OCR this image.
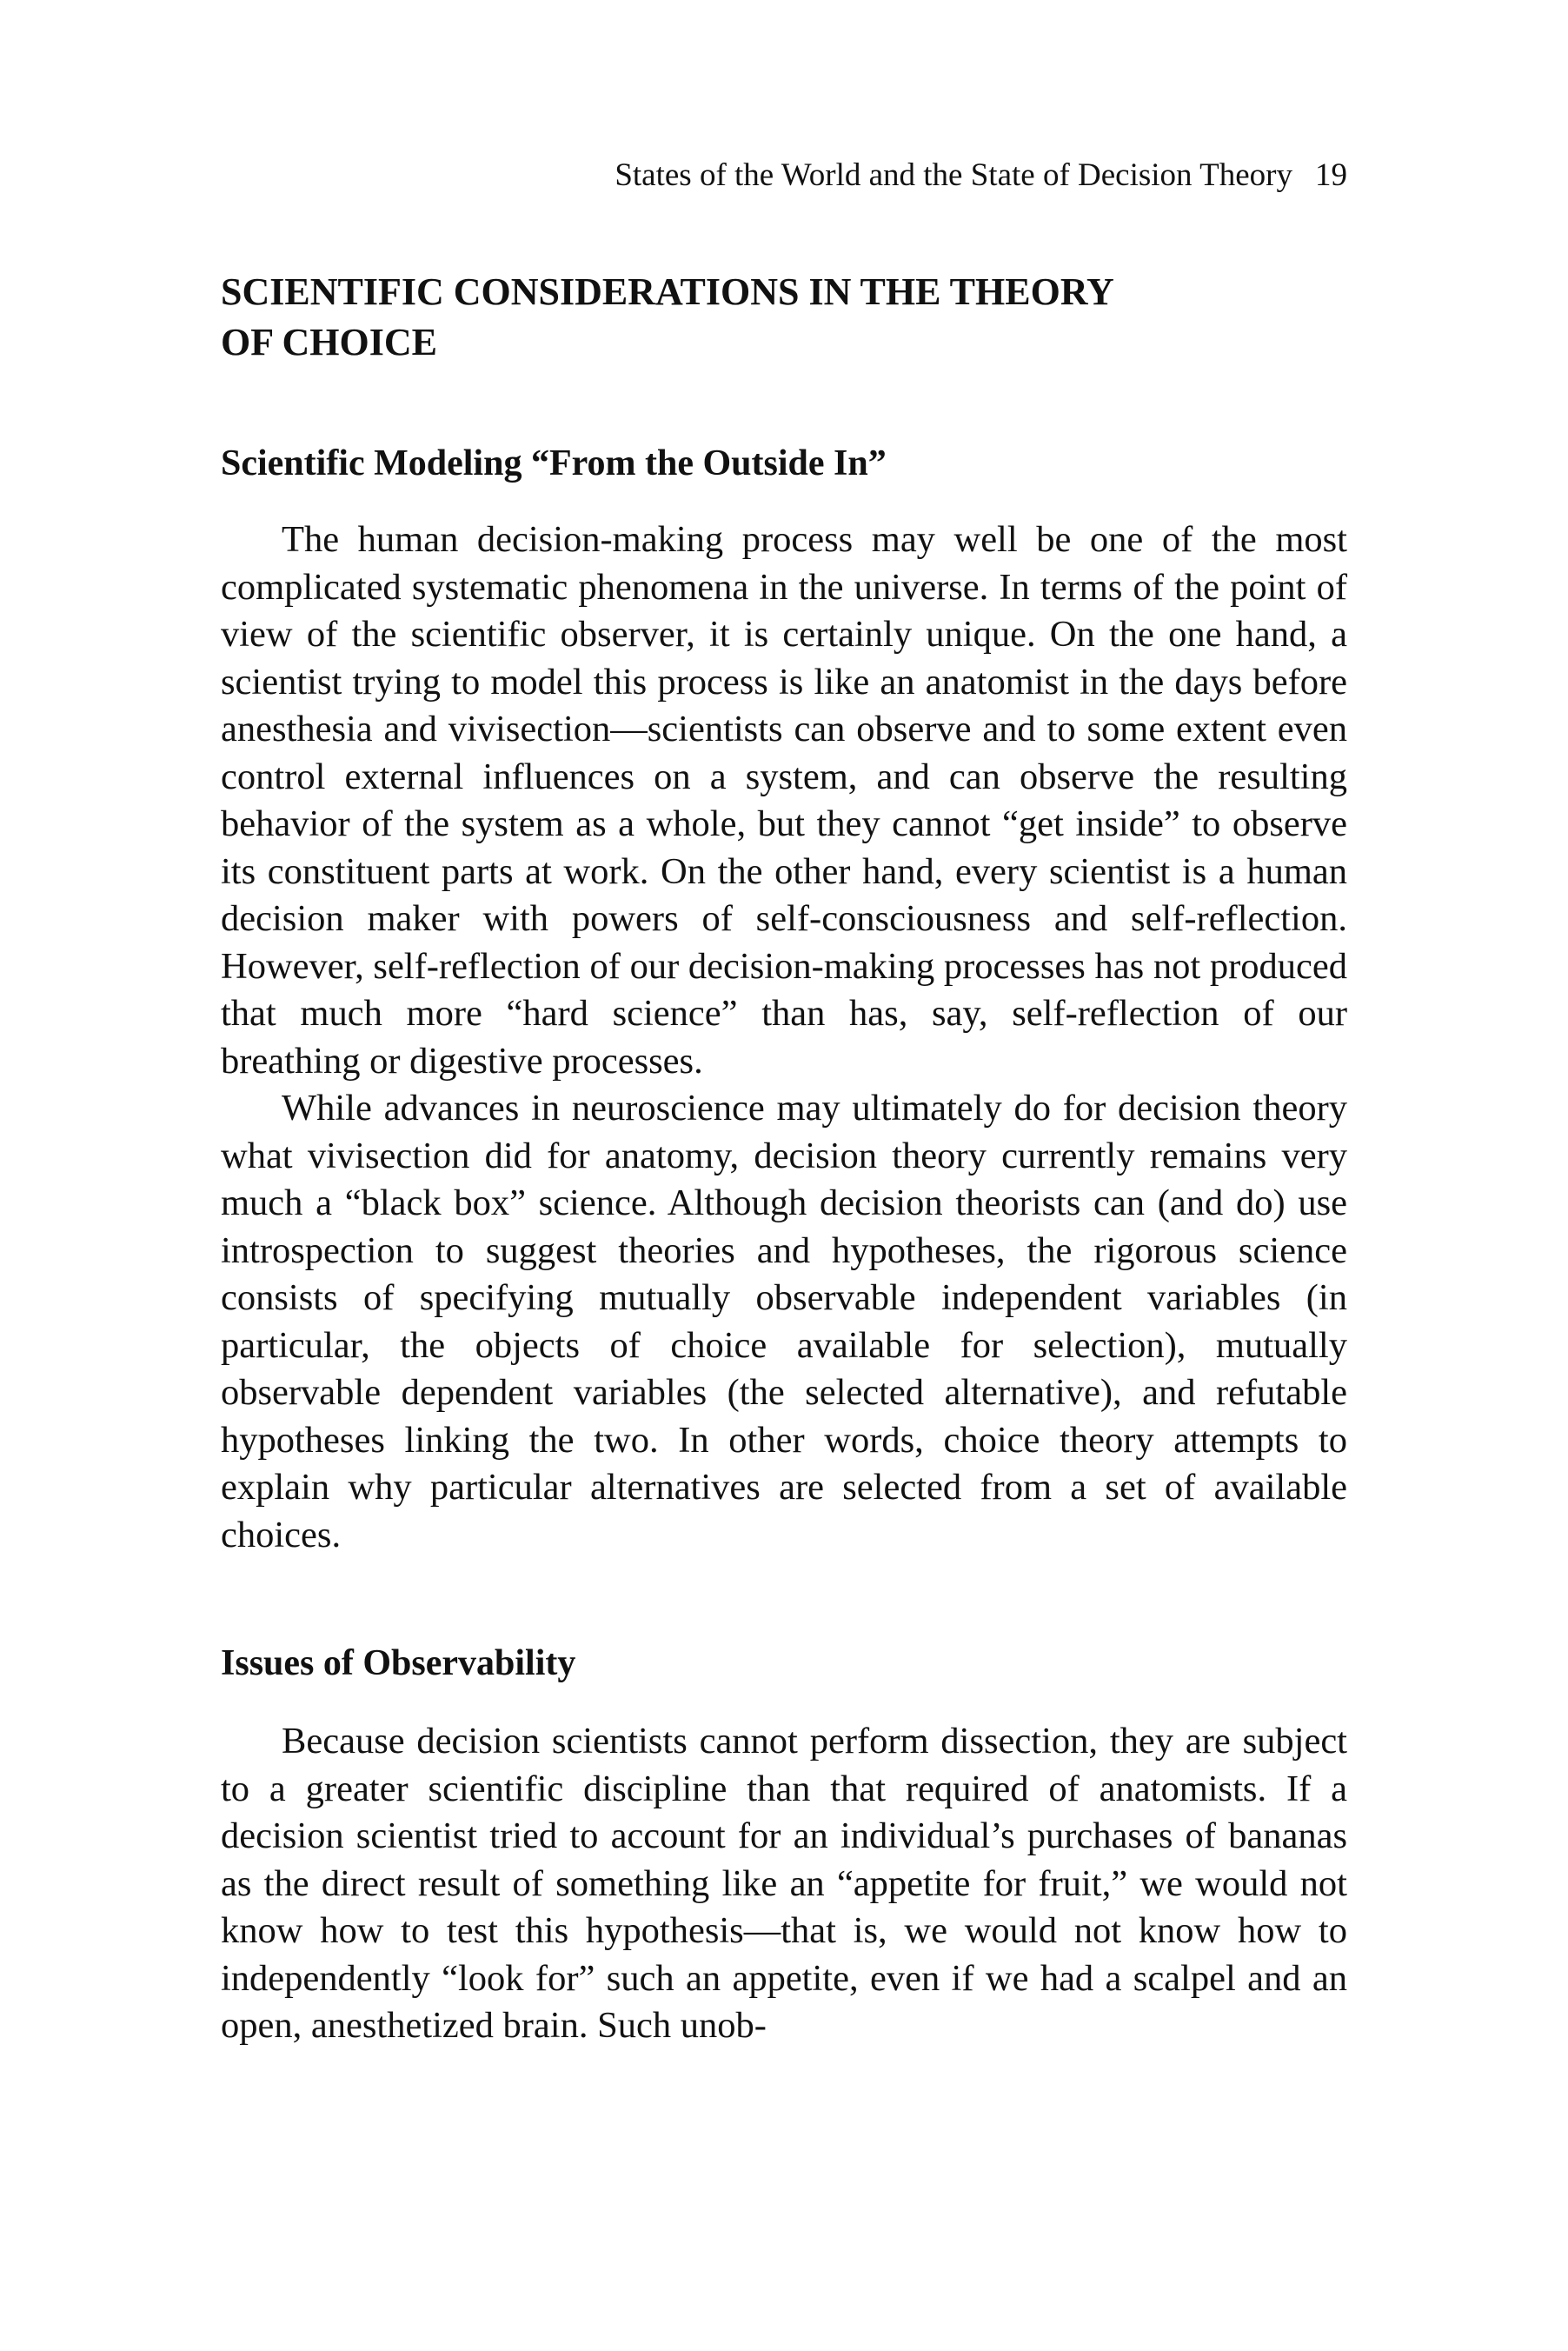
States of the World and the State of Decision Theory 19
SCIENTIFIC CONSIDERATIONS IN THE THEORY
OF CHOICE
Scientific Modeling “From the Outside In”

The human decision-making process may well be one of the most complicated systematic phenomena in the universe. In terms of the point of view of the scientific observer, it is certainly unique. On the one hand, a scientist trying to model this process is like an anatomist in the days before anesthesia and vivisection—scientists can observe and to some extent even control external influences on a system, and can observe the resulting behavior of the system as a whole, but they cannot “get inside” to observe its constituent parts at work. On the other hand, every scientist is a human decision maker with powers of self-consciousness and self-reflection. However, self-reflection of our decision-making processes has not produced that much more “hard science” than has, say, self-reflection of our breathing or digestive processes.

While advances in neuroscience may ultimately do for decision theory what vivisection did for anatomy, decision theory currently remains very much a “black box” science. Although decision theorists can (and do) use introspection to suggest theories and hypotheses, the rigorous science consists of specifying mutually observable independent variables (in particular, the objects of choice available for selection), mutually observable dependent variables (the selected alternative), and refutable hypotheses linking the two. In other words, choice theory attempts to explain why particular alternatives are selected from a set of available choices.

Issues of Observability

Because decision scientists cannot perform dissection, they are subject to a greater scientific discipline than that required of anatomists. If a decision scientist tried to account for an individual’s purchases of bananas as the direct result of something like an “appetite for fruit,” we would not know how to test this hypothesis—that is, we would not know how to independently “look for” such an appetite, even if we had a scalpel and an open, anesthetized brain. Such unob-
